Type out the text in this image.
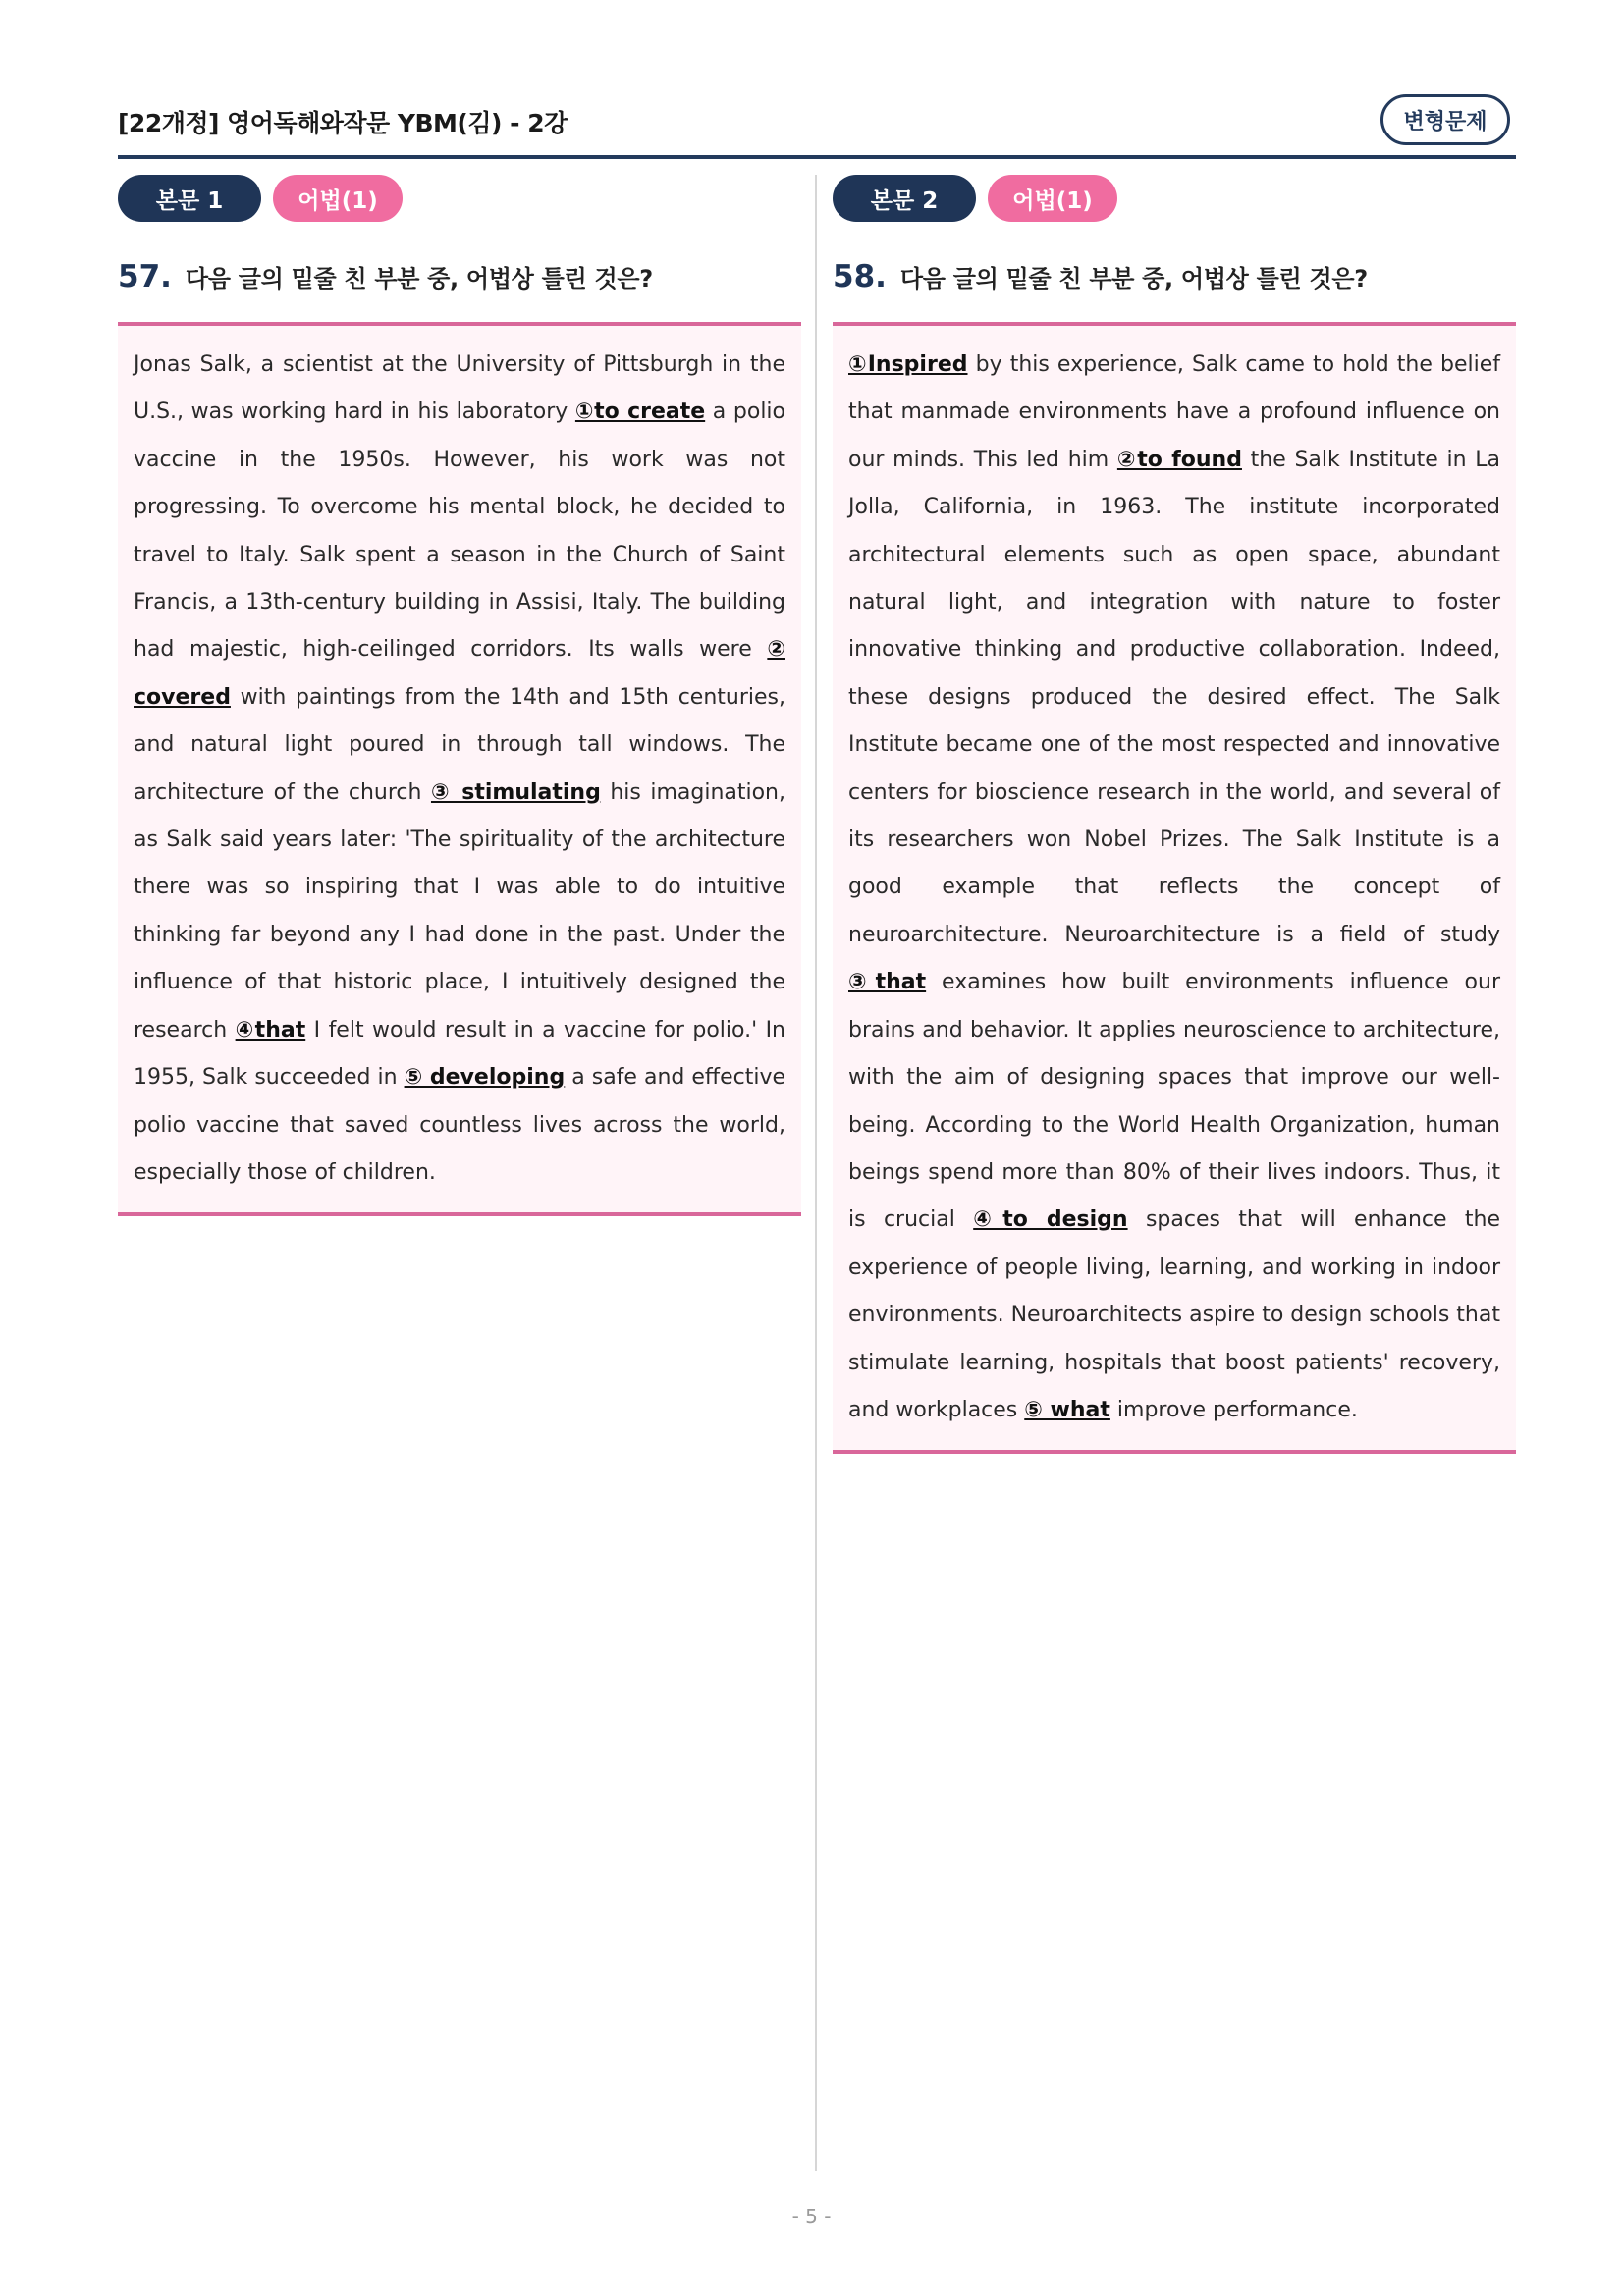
[22개정] 영어독해와작문 YBM(김) - 2강	변형문제
본문 1	어법(1)
57. 다음 글의 밑줄 친 부분 중, 어법상 틀린 것은?

Jonas Salk, a scientist at the University of Pittsburgh in the U.S., was working hard in his laboratory ①to create a polio vaccine in the 1950s. However, his work was not progressing. To overcome his mental block, he decided to travel to Italy. Salk spent a season in the Church of Saint Francis, a 13th-century building in Assisi, Italy. The building had majestic, high-ceilinged corridors. Its walls were ② covered with paintings from the 14th and 15th centuries, and natural light poured in through tall windows. The architecture of the church ③ stimulating his imagination, as Salk said years later: 'The spirituality of the architecture there was so inspiring that I was able to do intuitive thinking far beyond any I had done in the past. Under the influence of that historic place, I intuitively designed the research ④that I felt would result in a vaccine for polio.' In 1955, Salk succeeded in ⑤ developing a safe and effective polio vaccine that saved countless lives across the world, especially those of children.

본문 2	어법(1)
58. 다음 글의 밑줄 친 부분 중, 어법상 틀린 것은?

①Inspired by this experience, Salk came to hold the belief that manmade environments have a profound influence on our minds. This led him ②to found the Salk Institute in La Jolla, California, in 1963. The institute incorporated architectural elements such as open space, abundant natural light, and integration with nature to foster innovative thinking and productive collaboration. Indeed, these designs produced the desired effect. The Salk Institute became one of the most respected and innovative centers for bioscience research in the world, and several of its researchers won Nobel Prizes. The Salk Institute is a good example that reflects the concept of neuroarchitecture. Neuroarchitecture is a field of study ③that examines how built environments influence our brains and behavior. It applies neuroscience to architecture, with the aim of designing spaces that improve our well-being. According to the World Health Organization, human beings spend more than 80% of their lives indoors. Thus, it is crucial ④to design spaces that will enhance the experience of people living, learning, and working in indoor environments. Neuroarchitects aspire to design schools that stimulate learning, hospitals that boost patients' recovery, and workplaces ⑤ what improve performance.

- 5 -
